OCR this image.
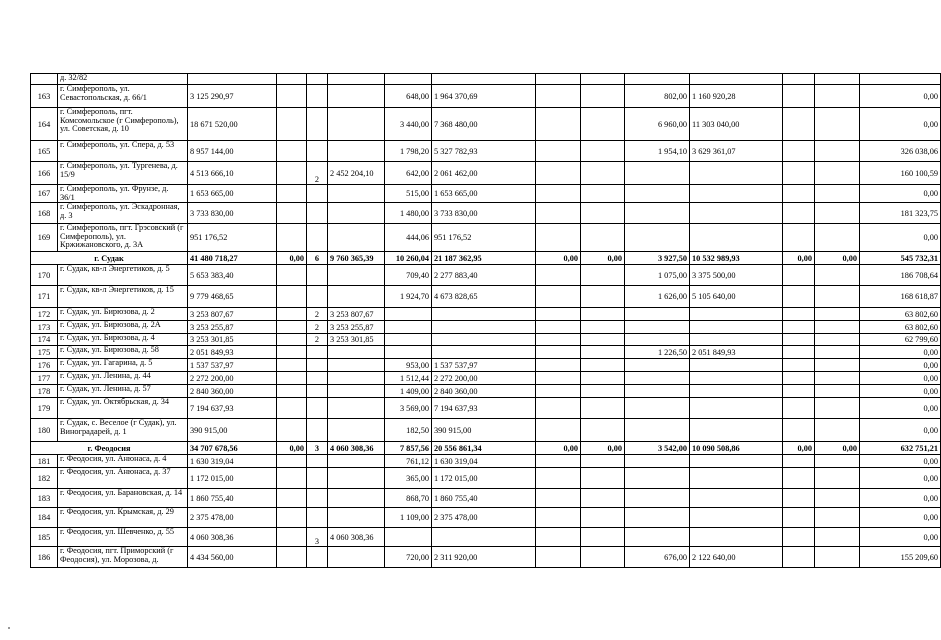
	д. 32/82													
163	г. Симферополь, ул. Севастопольская, д. 66/1	3 125 290,97				648,00	1 964 370,69			802,00	1 160 920,28			0,00
164	г. Симферополь, пгт. Комсомольское (г Симферополь), ул. Советская, д. 10	18 671 520,00				3 440,00	7 368 480,00			6 960,00	11 303 040,00			0,00
165	г. Симферополь, ул. Спера, д. 53	8 957 144,00				1 798,20	5 327 782,93			1 954,10	3 629 361,07			326 038,06
166	г. Симферополь, ул. Тургенева, д. 15/9	4 513 666,10		2	2 452 204,10	642,00	2 061 462,00							160 100,59
167	г. Симферополь, ул. Фрунзе, д. 36/1	1 653 665,00				515,00	1 653 665,00							0,00
168	г. Симферополь, ул. Эскадронная, д. 3	3 733 830,00				1 480,00	3 733 830,00							181 323,75
169	г. Симферополь, пгт. Грэсовский (г Симферополь), ул. Кржижановского, д. 3А	951 176,52				444,06	951 176,52							0,00
г. Судак		41 480 718,27	0,00	6	9 760 365,39	10 260,04	21 187 362,95	0,00	0,00	3 927,50	10 532 989,93	0,00	0,00	545 732,31
170	г. Судак, кв-л Энергетиков, д. 5	5 653 383,40				709,40	2 277 883,40			1 075,00	3 375 500,00			186 708,64
171	г. Судак, кв-л Энергетиков, д. 15	9 779 468,65				1 924,70	4 673 828,65			1 626,00	5 105 640,00			168 618,87
172	г. Судак, ул. Бирюзова, д. 2	3 253 807,67		2	3 253 807,67									63 802,60
173	г. Судак, ул. Бирюзова, д. 2А	3 253 255,87		2	3 253 255,87									63 802,60
174	г. Судак, ул. Бирюзова, д. 4	3 253 301,85		2	3 253 301,85									62 799,60
175	г. Судак, ул. Бирюзова, д. 58	2 051 849,93								1 226,50	2 051 849,93			0,00
176	г. Судак, ул. Гагарина, д. 5	1 537 537,97				953,00	1 537 537,97							0,00
177	г. Судак, ул. Ленина, д. 44	2 272 200,00				1 512,44	2 272 200,00							0,00
178	г. Судак, ул. Ленина, д. 57	2 840 360,00				1 409,00	2 840 360,00							0,00
179	г. Судак, ул. Октябрьская, д. 34	7 194 637,93				3 569,00	7 194 637,93							0,00
180	г. Судак, с. Веселое (г Судак), ул. Виноградарей, д. 1	390 915,00				182,50	390 915,00							0,00
г. Феодосия		34 707 678,56	0,00	3	4 060 308,36	7 857,56	20 556 861,34	0,00	0,00	3 542,00	10 090 508,86	0,00	0,00	632 751,21
181	г. Феодосия, ул. Анюнаса, д. 4	1 630 319,04				761,12	1 630 319,04							0,00
182	г. Феодосия, ул. Анюнаса, д. 37	1 172 015,00				365,00	1 172 015,00							0,00
183	г. Феодосия, ул. Барановская, д. 14	1 860 755,40				868,70	1 860 755,40							0,00
184	г. Феодосия, ул. Крымская, д. 29	2 375 478,00				1 109,00	2 375 478,00							0,00
185	г. Феодосия, ул. Шевченко, д. 55	4 060 308,36		3	4 060 308,36									0,00
186	г. Феодосия, пгт. Приморский (г Феодосия), ул. Морозова, д.	4 434 560,00				720,00	2 311 920,00			676,00	2 122 640,00			155 209,60
